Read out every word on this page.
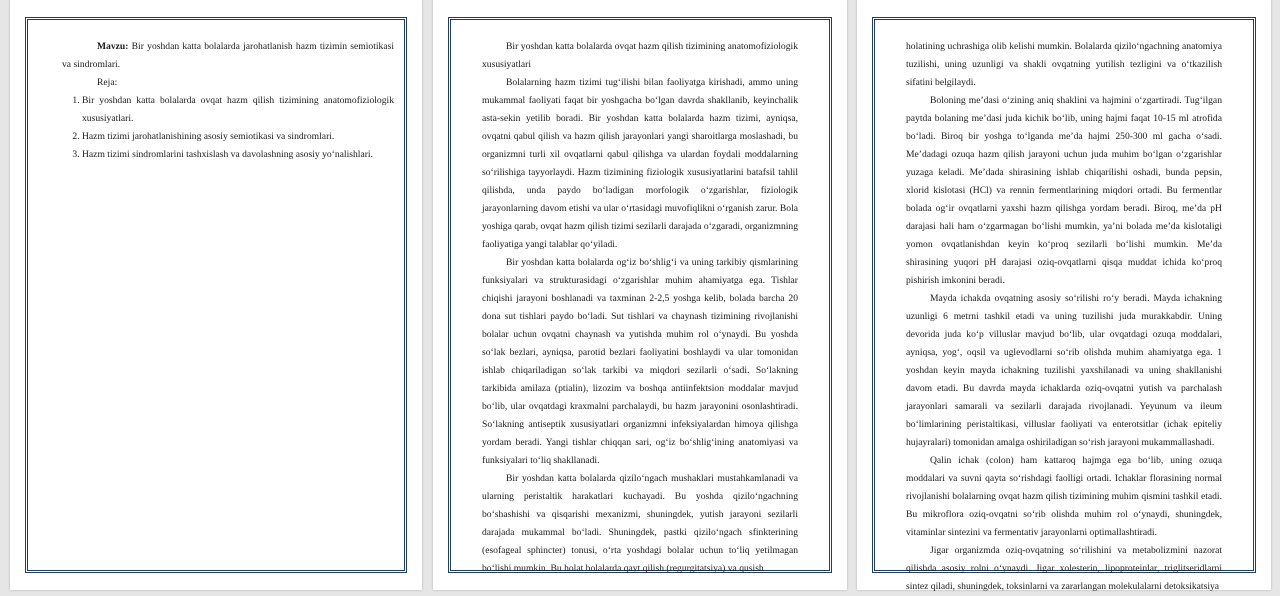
Mavzu: Bir yoshdan katta bolalarda jarohatlanish hazm tizimin semiotikasi va sindromlari.

Reja:

1. Bir yoshdan katta bolalarda ovqat hazm qilish tizimining anatomofiziologik xususiyatlari.
2. Hazm tizimi jarohatlanishining asosiy semiotikasi va sindromlari.
3. Hazm tizimi sindromlarini tashxislash va davolashning asosiy yo‘nalishlari.

Bir yoshdan katta bolalarda ovqat hazm qilish tizimining anatomofiziologik xususiyatlari

Bolalarning hazm tizimi tug‘ilishi bilan faoliyatga kirishadi, ammo uning mukammal faoliyati faqat bir yoshgacha bo‘lgan davrda shakllanib, keyinchalik asta-sekin yetilib boradi. Bir yoshdan katta bolalarda hazm tizimi, ayniqsa, ovqatni qabul qilish va hazm qilish jarayonlari yangi sharoitlarga moslashadi, bu organizmni turli xil ovqatlarni qabul qilishga va ulardan foydali moddalarning so‘rilishiga tayyorlaydi. Hazm tizimining fiziologik xususiyatlarini batafsil tahlil qilishda, unda paydo bo‘ladigan morfologik o‘zgarishlar, fiziologik jarayonlarning davom etishi va ular o‘rtasidagi muvofiqlikni o‘rganish zarur. Bola yoshiga qarab, ovqat hazm qilish tizimi sezilarli darajada o‘zgaradi, organizmning faoliyatiga yangi talablar qo‘yiladi.

Bir yoshdan katta bolalarda og‘iz bo‘shlig‘i va uning tarkibiy qismlarining funksiyalari va strukturasidagi o‘zgarishlar muhim ahamiyatga ega. Tishlar chiqishi jarayoni boshlanadi va taxminan 2-2,5 yoshga kelib, bolada barcha 20 dona sut tishlari paydo bo‘ladi. Sut tishlari va chaynash tizimining rivojlanishi bolalar uchun ovqatni chaynash va yutishda muhim rol o‘ynaydi. Bu yoshda so‘lak bezlari, ayniqsa, parotid bezlari faoliyatini boshlaydi va ular tomonidan ishlab chiqariladigan so‘lak tarkibi va miqdori sezilarli o‘sadi. So‘lakning tarkibida amilaza (ptialin), lizozim va boshqa antiinfektsion moddalar mavjud bo‘lib, ular ovqatdagi kraxmalni parchalaydi, bu hazm jarayonini osonlashtiradi. So‘lakning antiseptik xususiyatlari organizmni infeksiyalardan himoya qilishga yordam beradi. Yangi tishlar chiqqan sari, og‘iz bo‘shlig‘ining anatomiyasi va funksiyalari to‘liq shakllanadi.

Bir yoshdan katta bolalarda qizilo‘ngach mushaklari mustahkamlanadi va ularning peristaltik harakatlari kuchayadi. Bu yoshda qizilo‘ngachning bo‘shashishi va qisqarishi mexanizmi, shuningdek, yutish jarayoni sezilarli darajada mukammal bo‘ladi. Shuningdek, pastki qizilo‘ngach sfinkterining (esofageal sphincter) tonusi, o‘rta yoshdagi bolalar uchun to‘liq yetilmagan bo‘lishi mumkin. Bu holat bolalarda qayt qilish (regurgitatsiya) va qusish

holatining uchrashiga olib kelishi mumkin. Bolalarda qizilo‘ngachning anatomiya tuzilishi, uning uzunligi va shakli ovqatning yutilish tezligini va o‘tkazilish sifatini belgilaydi.

Boloning me’dasi o‘zining aniq shaklini va hajmini o‘zgartiradi. Tug‘ilgan paytda bolaning me’dasi juda kichik bo‘lib, uning hajmi faqat 10-15 ml atrofida bo‘ladi. Biroq bir yoshga to‘lganda me’da hajmi 250-300 ml gacha o‘sadi. Me’dadagi ozuqa hazm qilish jarayoni uchun juda muhim bo‘lgan o‘zgarishlar yuzaga keladi. Me’dada shirasining ishlab chiqarilishi oshadi, bunda pepsin, xlorid kislotasi (HCl) va rennin fermentlarining miqdori ortadi. Bu fermentlar bolada og‘ir ovqatlarni yaxshi hazm qilishga yordam beradi. Biroq, me’da pH darajasi hali ham o‘zgarmagan bo‘lishi mumkin, ya’ni bolada me’da kislotaligi yomon ovqatlanishdan keyin ko‘proq sezilarli bo‘lishi mumkin. Me’da shirasining yuqori pH darajasi oziq-ovqatlarni qisqa muddat ichida ko‘proq pishirish imkonini beradi.

Mayda ichakda ovqatning asosiy so‘rilishi ro‘y beradi. Mayda ichakning uzunligi 6 metrni tashkil etadi va uning tuzilishi juda murakkabdir. Uning devorida juda ko‘p villuslar mavjud bo‘lib, ular ovqatdagi ozuqa moddalari, ayniqsa, yog‘, oqsil va uglevodlarni so‘rib olishda muhim ahamiyatga ega. 1 yoshdan keyin mayda ichakning tuzilishi yaxshilanadi va uning shakllanishi davom etadi. Bu davrda mayda ichaklarda oziq-ovqatni yutish va parchalash jarayonlari samarali va sezilarli darajada rivojlanadi. Yeyunum va ileum bo‘limlarining peristaltikasi, villuslar faoliyati va enterotsitlar (ichak epiteliy hujayralari) tomonidan amalga oshiriladigan so‘rish jarayoni mukammallashadi.

Qalin ichak (colon) ham kattaroq hajmga ega bo‘lib, uning ozuqa moddalari va suvni qayta so‘rishdagi faolligi ortadi. Ichaklar florasining normal rivojlanishi bolalarning ovqat hazm qilish tizimining muhim qismini tashkil etadi. Bu mikroflora oziq-ovqatni so‘rib olishda muhim rol o‘ynaydi, shuningdek, vitaminlar sintezini va fermentativ jarayonlarni optimallashtiradi.

Jigar organizmda oziq-ovqatning so‘rilishini va metabolizmini nazorat qilishda asosiy rolni o‘ynaydi. Jigar xolesterin, lipoproteinlar, triglitseridlarni sintez qiladi, shuningdek, toksinlarni va zararlangan molekulalarni detoksikatsiya
